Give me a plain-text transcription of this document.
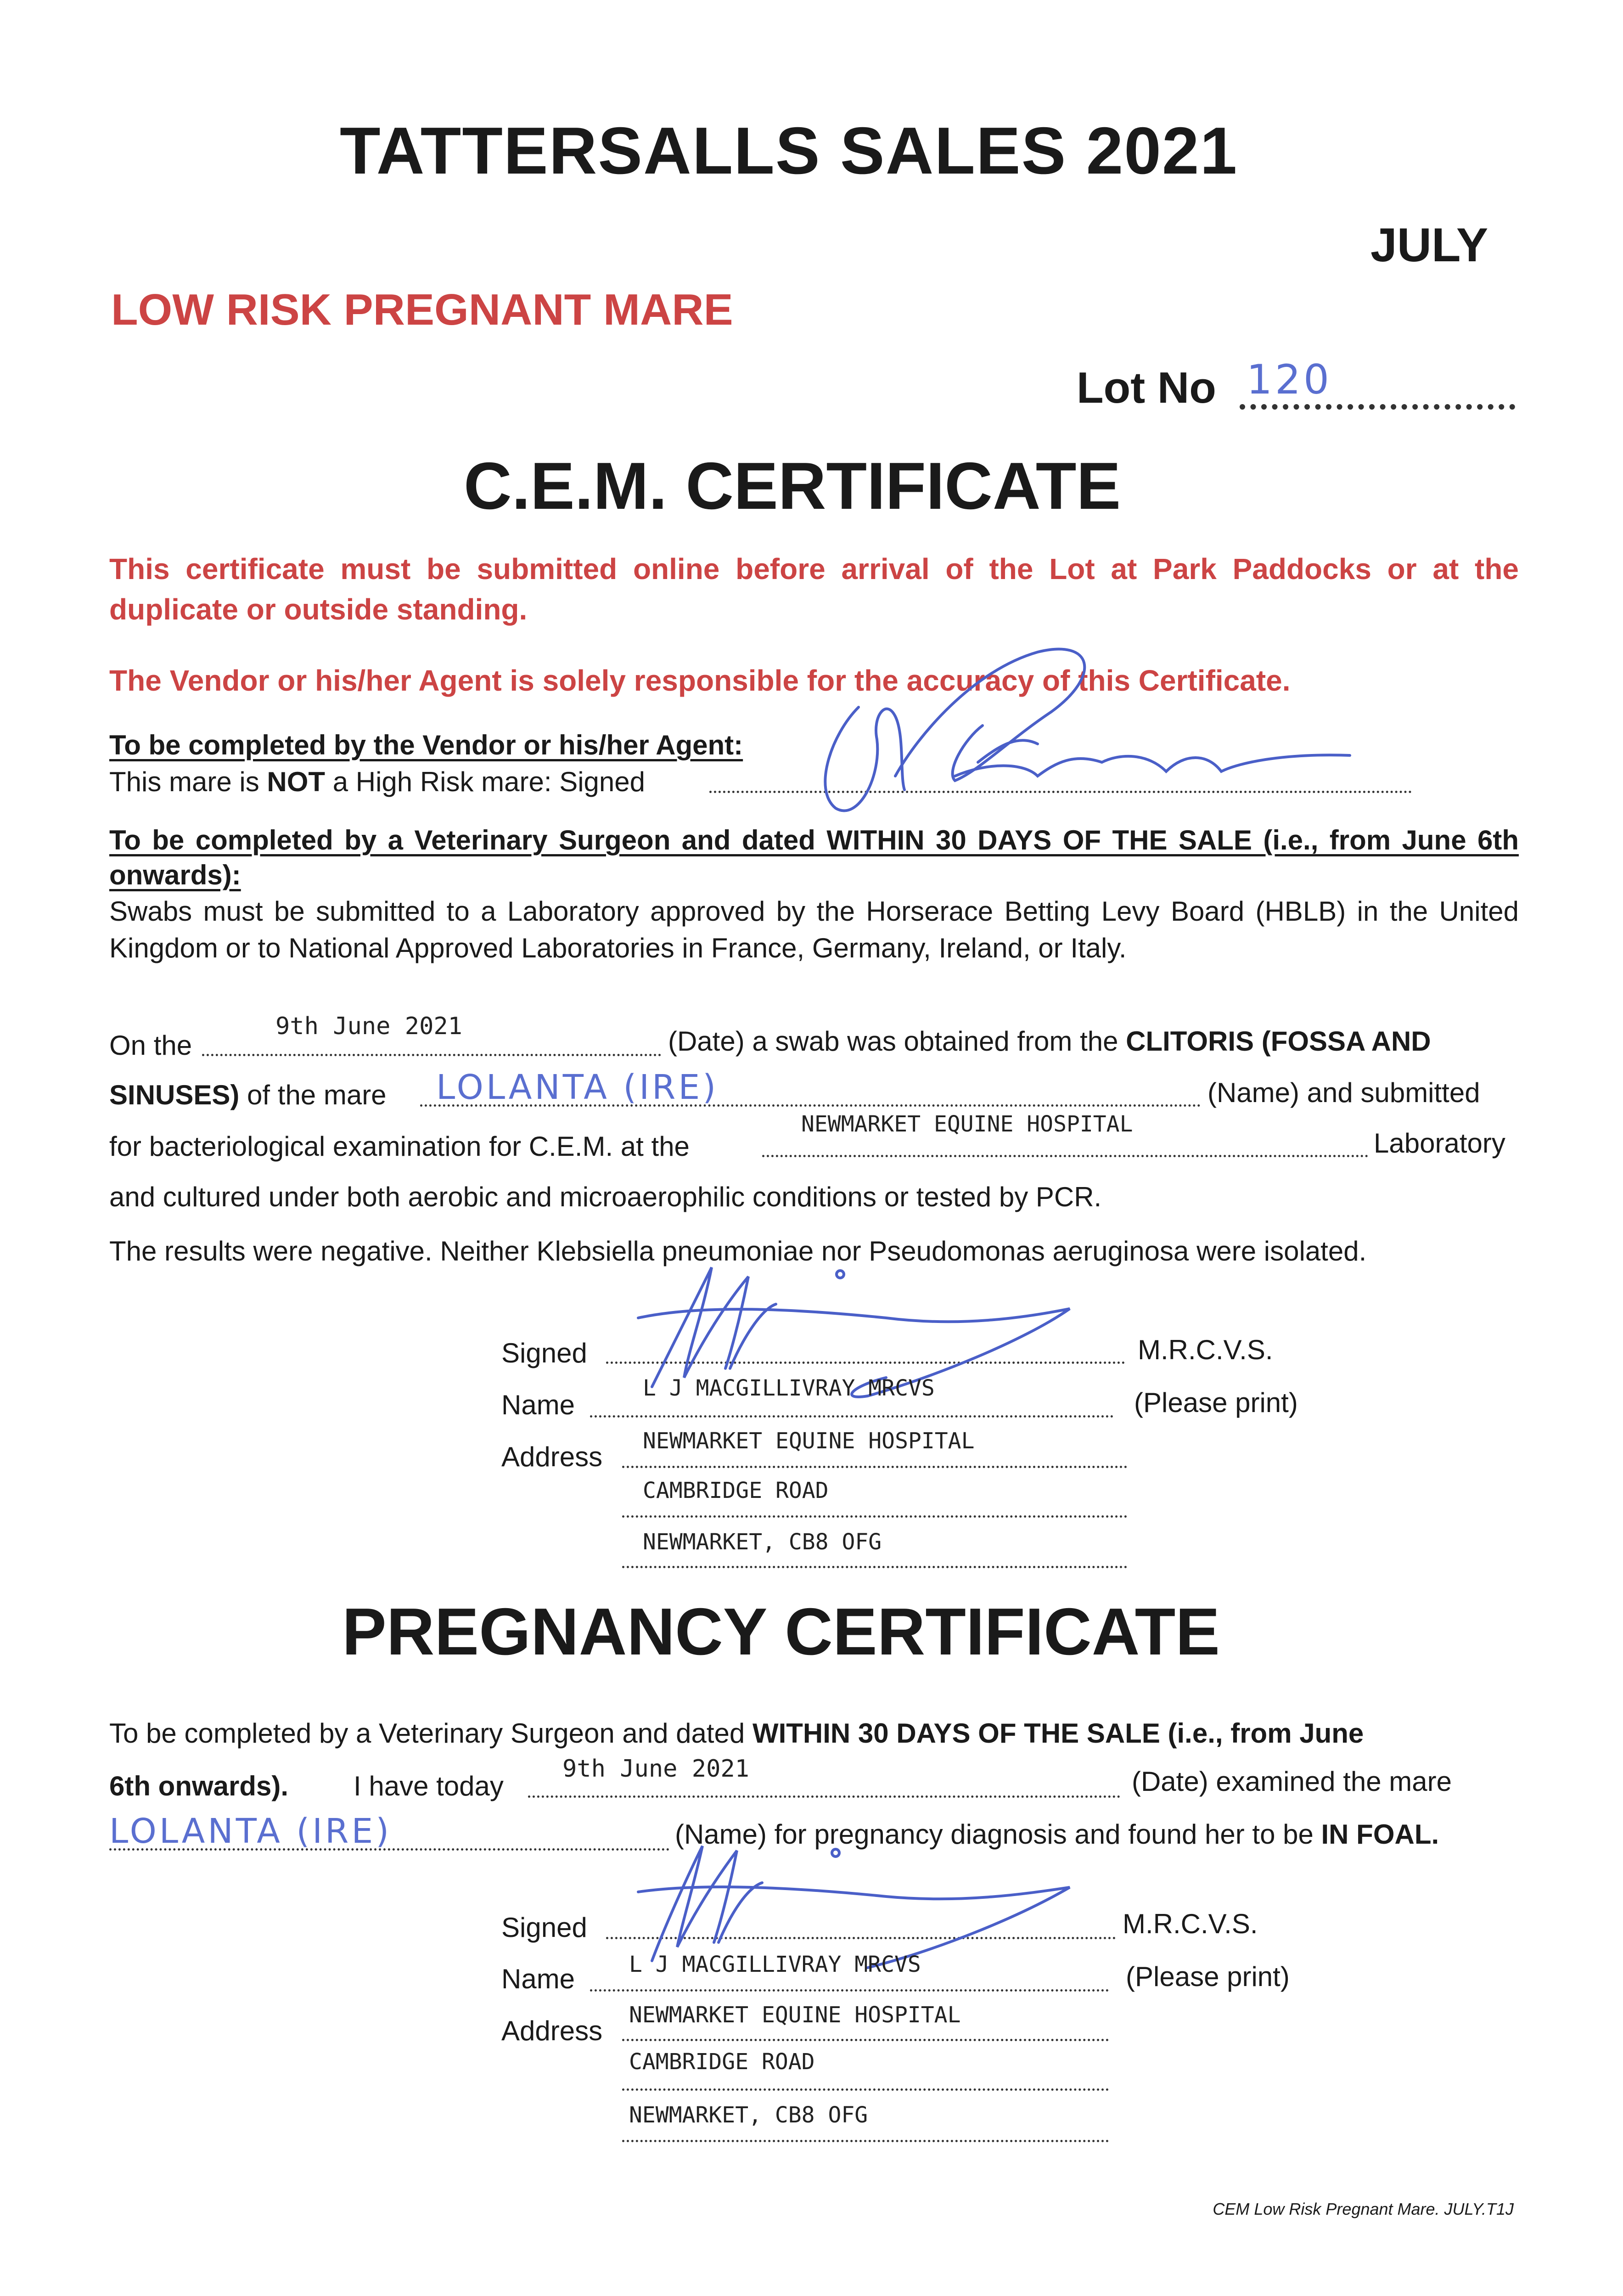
TATTERSALLS SALES 2021
JULY
LOW RISK PREGNANT MARE
Lot No 120
C.E.M. CERTIFICATE
This certificate must be submitted online before arrival of the Lot at Park Paddocks or at the duplicate or outside standing.
The Vendor or his/her Agent is solely responsible for the accuracy of this Certificate.
To be completed by the Vendor or his/her Agent:
This mare is NOT a High Risk mare: Signed
To be completed by a Veterinary Surgeon and dated WITHIN 30 DAYS OF THE SALE (i.e., from June 6th onwards):
Swabs must be submitted to a Laboratory approved by the Horserace Betting Levy Board (HBLB) in the United Kingdom or to National Approved Laboratories in France, Germany, Ireland, or Italy.
On the
9th June 2021	(Date) a swab was obtained from the CLITORIS (FOSSA AND
SINUSES) of the mare LOLANTA (IRE)	(Name) and submitted
for bacteriological examination for C.E.M. at the
NEWMARKET EQUINE HOSPITAL
Laboratory
and cultured under both aerobic and microaerophilic conditions or tested by PCR.
The results were negative. Neither Klebsiella pneumoniae nor Pseudomonas aeruginosa were isolated.
Signed	M.R.C.V.S.
Name
L J MACGILLIVRAY MRCVS	(Please print)
Address
NEWMARKET EQUINE HOSPITAL
CAMBRIDGE ROAD
NEWMARKET, CB8 OFG
PREGNANCY CERTIFICATE
To be completed by a Veterinary Surgeon and dated WITHIN 30 DAYS OF THE SALE (i.e., from June
6th onwards). I have today
9th June 2021	(Date) examined the mare
LOLANTA (IRE)	(Name) for pregnancy diagnosis and found her to be IN FOAL.
Signed	M.R.C.V.S.
Name L J MACGILLIVRAY MRCVS	(Please print)
Address
NEWMARKET EQUINE HOSPITAL
CAMBRIDGE ROAD
NEWMARKET, CB8 OFG
CEM Low Risk Pregnant Mare. JULY.T1J
